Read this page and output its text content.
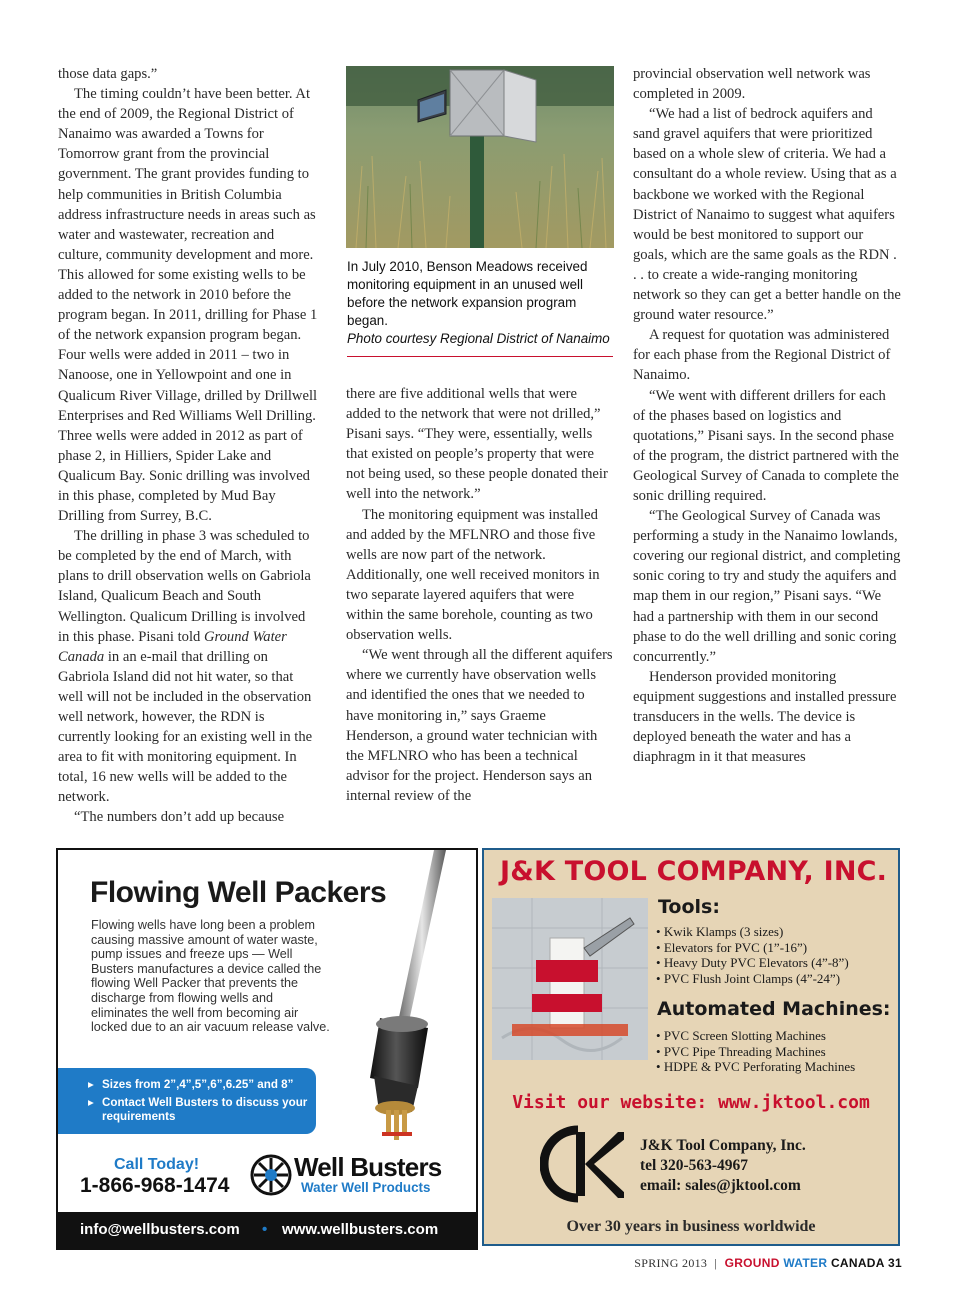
those data gaps.”

The timing couldn’t have been better. At the end of 2009, the Regional District of Nanaimo was awarded a Towns for Tomorrow grant from the provincial government. The grant provides funding to help communities in British Columbia address infrastructure needs in areas such as water and wastewater, recreation and culture, community development and more. This allowed for some existing wells to be added to the network in 2010 before the program began. In 2011, drilling for Phase 1 of the network expansion program began. Four wells were added in 2011 – two in Nanoose, one in Yellowpoint and one in Qualicum River Village, drilled by Drillwell Enterprises and Red Williams Well Drilling. Three wells were added in 2012 as part of phase 2, in Hilliers, Spider Lake and Qualicum Bay. Sonic drilling was involved in this phase, completed by Mud Bay Drilling from Surrey, B.C.

The drilling in phase 3 was scheduled to be completed by the end of March, with plans to drill observation wells on Gabriola Island, Qualicum Beach and South Wellington. Qualicum Drilling is involved in this phase. Pisani told Ground Water Canada in an e-mail that drilling on Gabriola Island did not hit water, so that well will not be included in the observation well network, however, the RDN is currently looking for an existing well in the area to fit with monitoring equipment. In total, 16 new wells will be added to the network.

“The numbers don’t add up because

In July 2010, Benson Meadows received monitoring equipment in an unused well before the network expansion program began.
Photo courtesy Regional District of Nanaimo

there are five additional wells that were added to the network that were not drilled,” Pisani says. “They were, essentially, wells that existed on people’s property that were not being used, so these people donated their well into the network.”

The monitoring equipment was installed and added by the MFLNRO and those five wells are now part of the network. Additionally, one well received monitors in two separate layered aquifers that were within the same borehole, counting as two observation wells.

“We went through all the different aquifers where we currently have observation wells and identified the ones that we needed to have monitoring in,” says Graeme Henderson, a ground water technician with the MFLNRO who has been a technical advisor for the project. Henderson says an internal review of the

provincial observation well network was completed in 2009.

“We had a list of bedrock aquifers and sand gravel aquifers that were prioritized based on a whole slew of criteria. We had a consultant do a whole review. Using that as a backbone we worked with the Regional District of Nanaimo to suggest what aquifers would be best monitored to support our goals, which are the same goals as the RDN . . . to create a wide-ranging monitoring network so they can get a better handle on the ground water resource.”

A request for quotation was administered for each phase from the Regional District of Nanaimo.

“We went with different drillers for each of the phases based on logistics and quotations,” Pisani says. In the second phase of the program, the district partnered with the Geological Survey of Canada to complete the sonic drilling required.

“The Geological Survey of Canada was performing a study in the Nanaimo lowlands, covering our regional district, and completing sonic coring to try and study the aquifers and map them in our region,” Pisani says. “We had a partnership with them in our second phase to do the well drilling and sonic coring concurrently.”

Henderson provided monitoring equipment suggestions and installed pressure transducers in the wells. The device is deployed beneath the water and has a diaphragm in it that measures

Flowing Well Packers
Flowing wells have long been a problem causing massive amount of water waste, pump issues and freeze ups — Well Busters manufactures a device called the flowing Well Packer that prevents the discharge from flowing wells and eliminates the well from becoming air locked due to an air vacuum release valve.
▸ Sizes from 2”,4”,5”,6”,6.25” and 8”
▸ Contact Well Busters to discuss your requirements
Call Today!
1-866-968-1474
Well Busters
Water Well Products
info@wellbusters.com • www.wellbusters.com
J&K TOOL COMPANY, INC.
Tools:
• Kwik Klamps (3 sizes)
• Elevators for PVC (1”-16”)
• Heavy Duty PVC Elevators (4”-8”)
• PVC Flush Joint Clamps (4”-24”)
Automated Machines:
• PVC Screen Slotting Machines
• PVC Pipe Threading Machines
• HDPE & PVC Perforating Machines
Visit our website: www.jktool.com
J&K Tool Company, Inc.
tel 320-563-4967
email: sales@jktool.com
Over 30 years in business worldwide
SPRING 2013 | GROUND WATER CANADA 31
